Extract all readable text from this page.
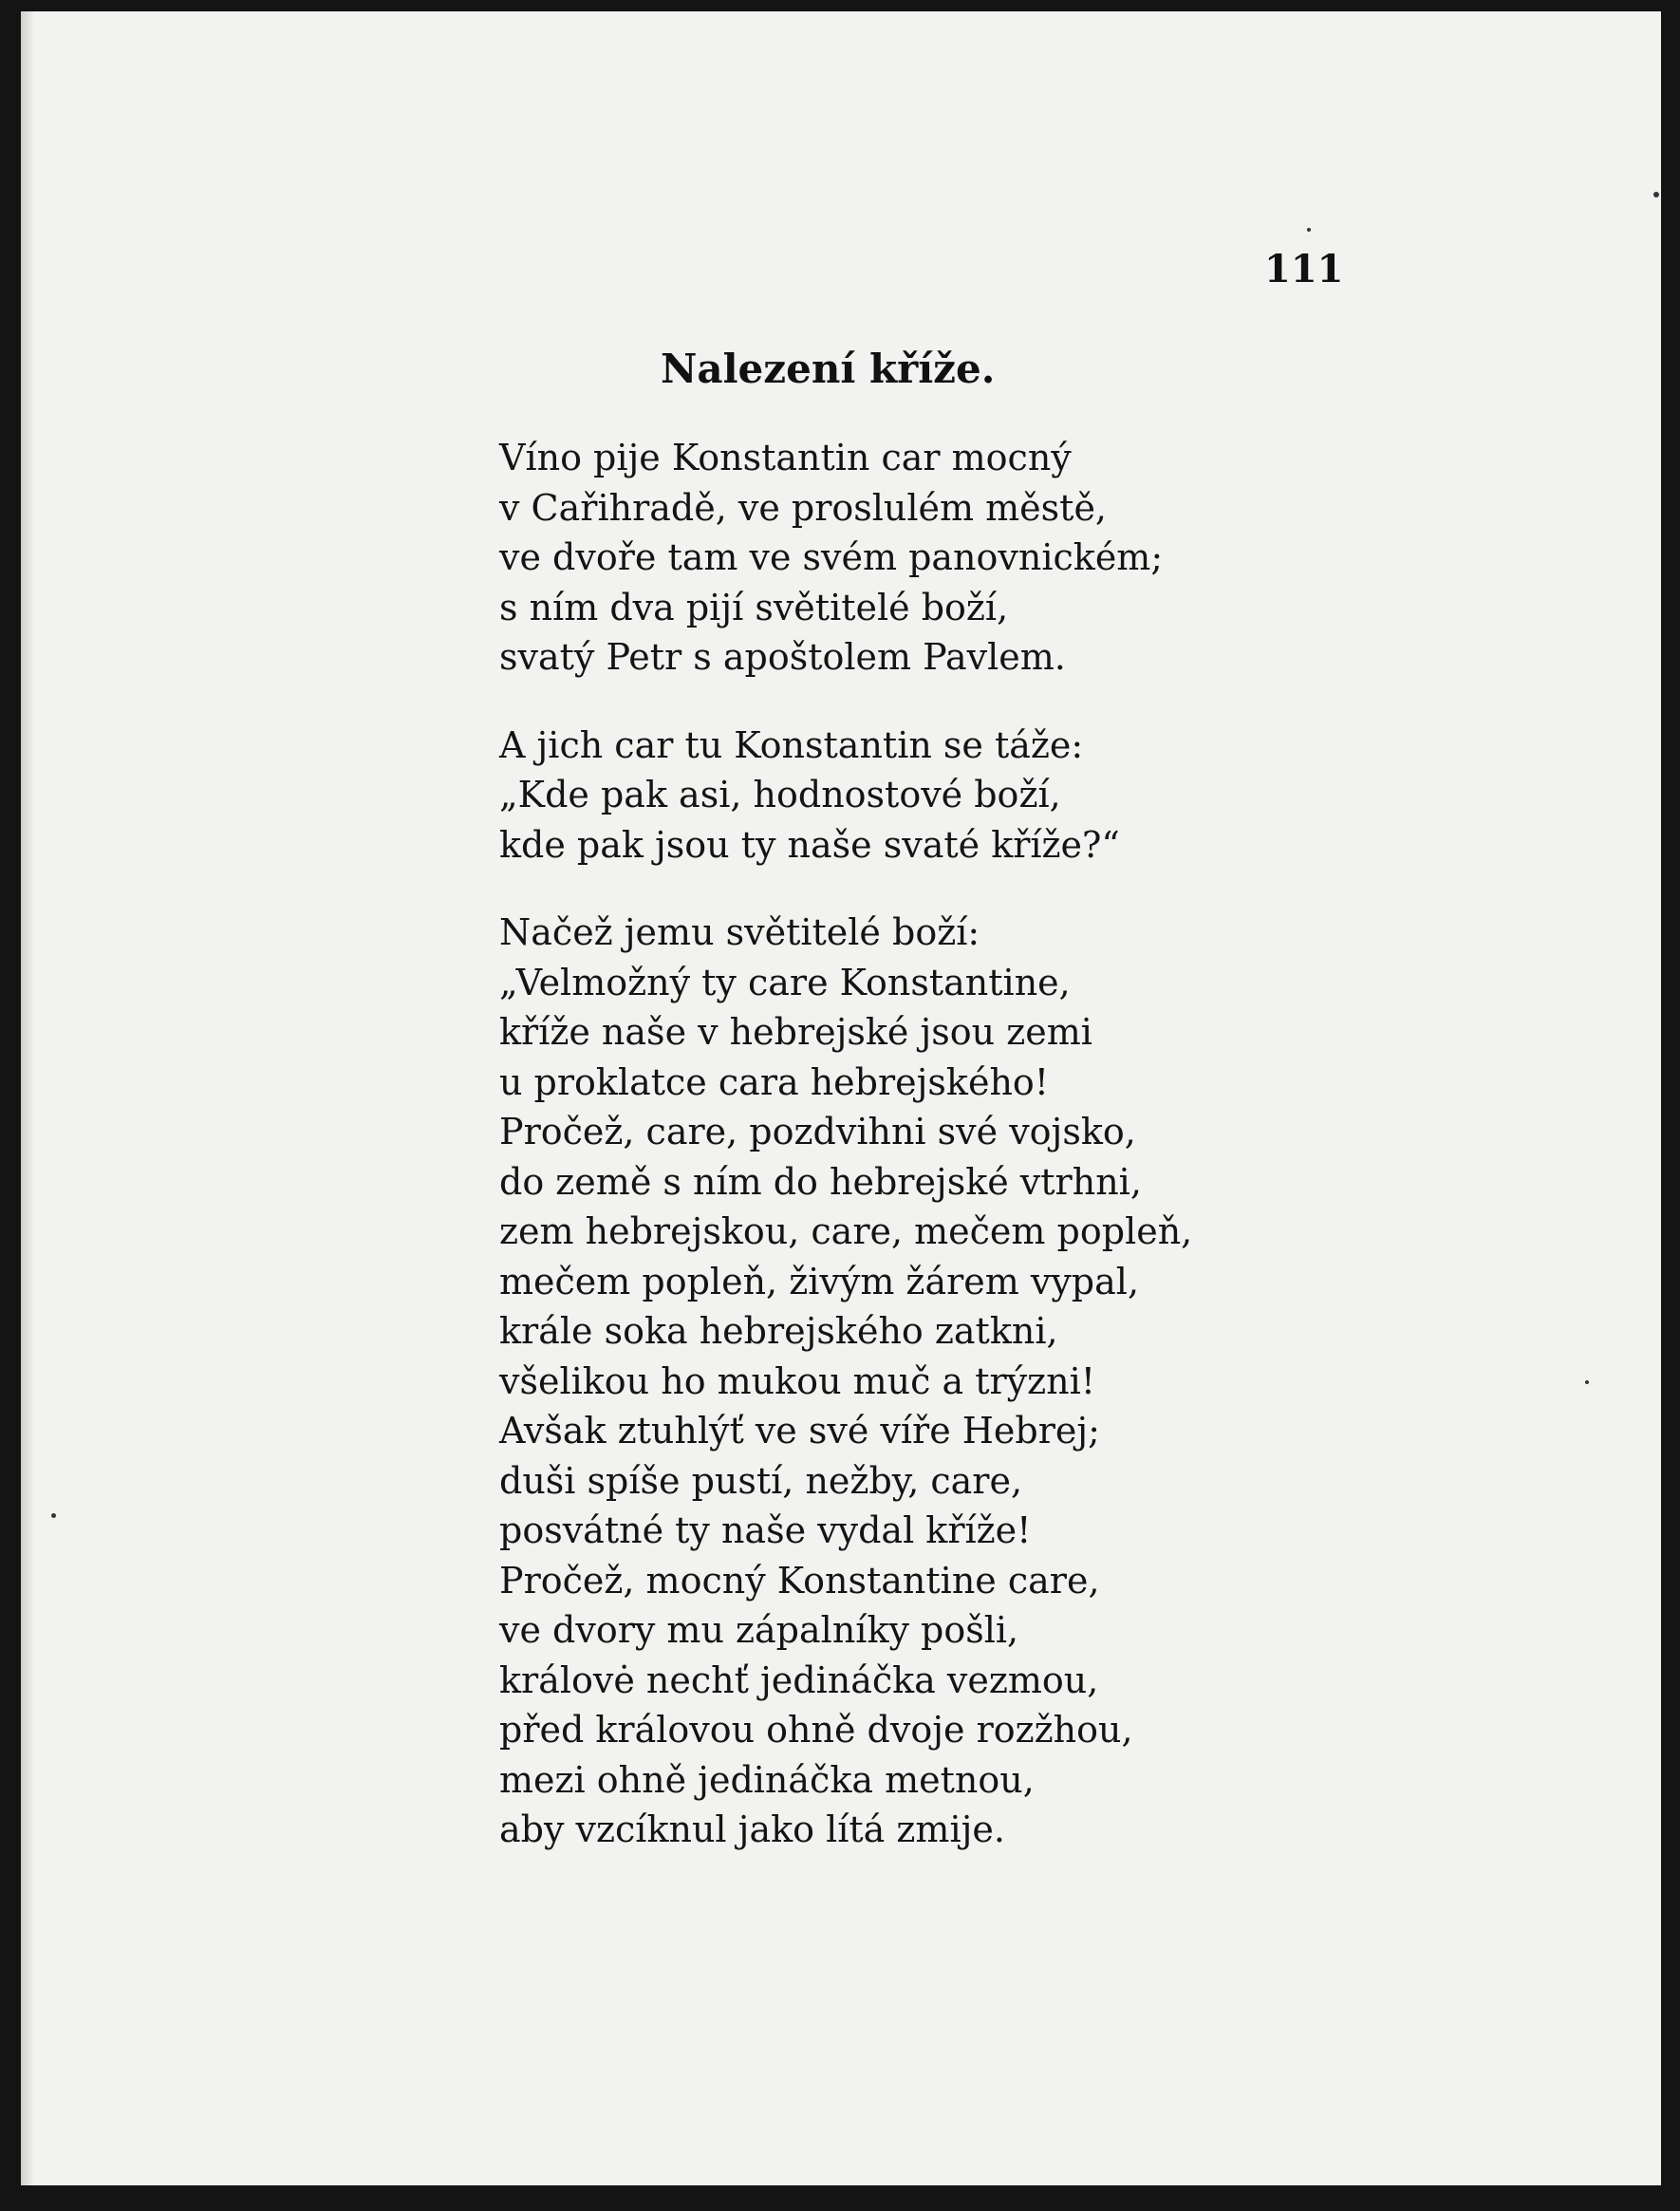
111
Nalezení kříže.
Víno pije Konstantin car mocný
v Cařihradě, ve proslulém městě,
ve dvoře tam ve svém panovnickém;
s ním dva pijí světitelé boží,
svatý Petr s apoštolem Pavlem.
A jich car tu Konstantin se táže:
„Kde pak asi, hodnostové boží,
kde pak jsou ty naše svaté kříže?“
Načež jemu světitelé boží:
„Velmožný ty care Konstantine,
kříže naše v hebrejské jsou zemi
u proklatce cara hebrejského!
Pročež, care, pozdvihni své vojsko,
do země s ním do hebrejské vtrhni,
zem hebrejskou, care, mečem popleň,
mečem popleň, živým žárem vypal,
krále soka hebrejského zatkni,
všelikou ho mukou muč a trýzni!
Avšak ztuhlýť ve své víře Hebrej;
duši spíše pustí, nežby, care,
posvátné ty naše vydal kříže!
Pročež, mocný Konstantine care,
ve dvory mu zápalníky pošli,
královė nechť jedináčka vezmou,
před královou ohně dvoje rozžhou,
mezi ohně jedináčka metnou,
aby vzcíknul jako lítá zmije.
